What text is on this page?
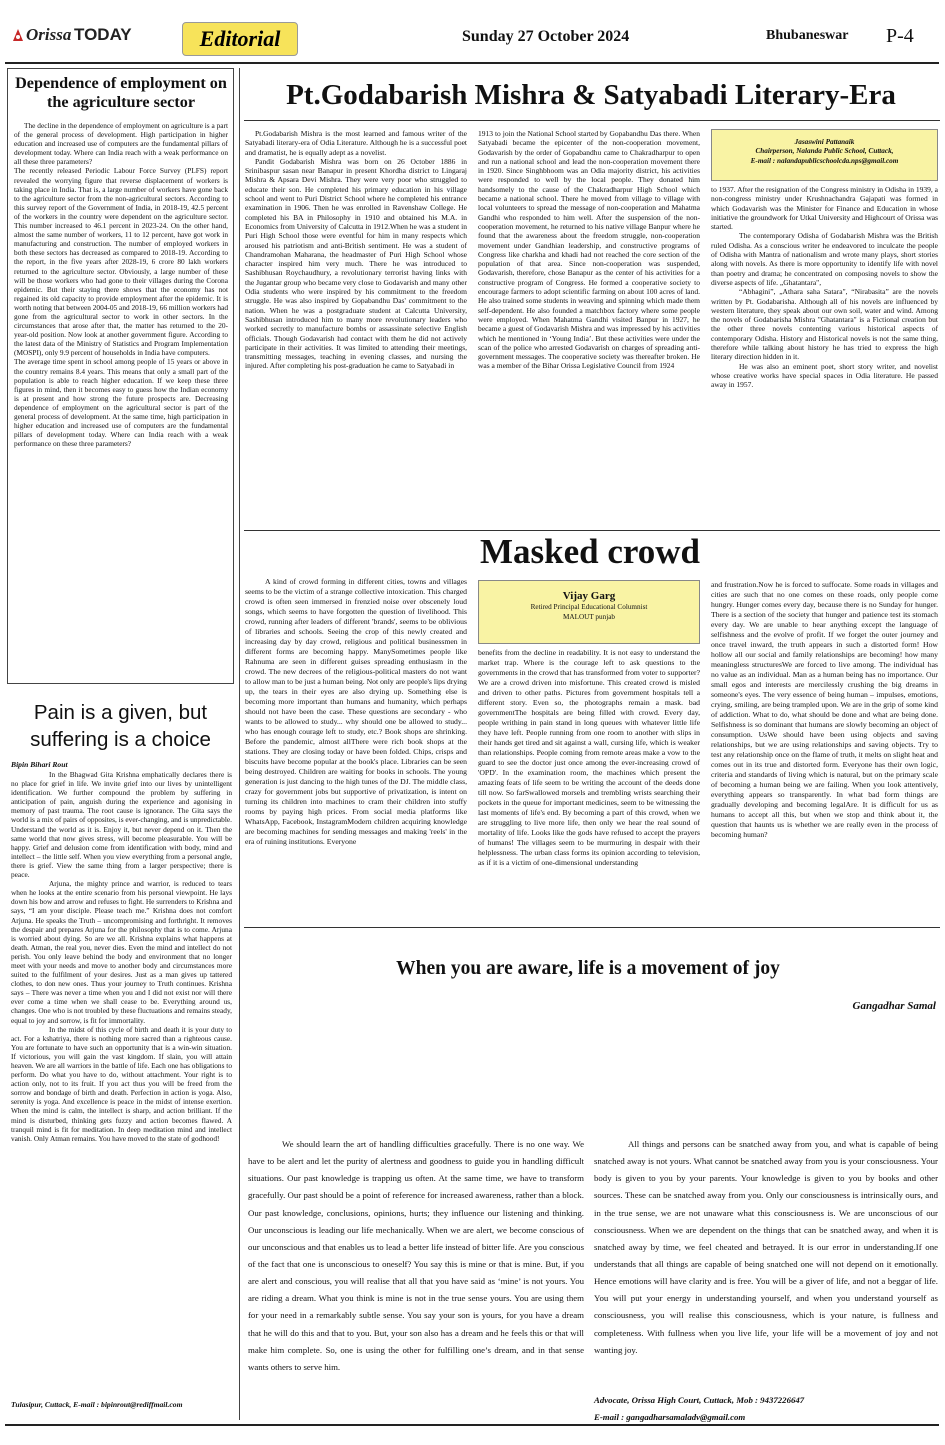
Orissa TODAY	Editorial	Sunday 27 October 2024	Bhubaneswar P-4
Dependence of employment on the agriculture sector

The decline in the dependence of employment on agriculture is a part of the general process of development. High participation in higher education and increased use of computers are the fundamental pillars of development today. Where can India reach with a weak performance on all these three parameters?

The recently released Periodic Labour Force Survey (PLFS) report revealed the worrying figure that reverse displacement of workers is taking place in India. That is, a large number of workers have gone back to the agriculture sector from the non-agricultural sectors. According to this survey report of the Government of India, in 2018-19, 42.5 percent of the workers in the country were dependent on the agriculture sector. This number increased to 46.1 percent in 2023-24. On the other hand, almost the same number of workers, 11 to 12 percent, have got work in manufacturing and construction. The number of employed workers in both these sectors has decreased as compared to 2018-19. According to the report, in the five years after 2028-19, 6 crore 80 lakh workers returned to the agriculture sector. Obviously, a large number of these will be those workers who had gone to their villages during the Corona epidemic. But their staying there shows that the economy has not regained its old capacity to provide employment after the epidemic. It is worth noting that between 2004-05 and 2018-19, 66 million workers had gone from the agricultural sector to work in other sectors. In the circumstances that arose after that, the matter has returned to the 20-year-old position. Now look at another government figure. According to the latest data of the Ministry of Statistics and Program Implementation (MOSPI), only 9.9 percent of households in India have computers.

The average time spent in school among people of 15 years or above in the country remains 8.4 years. This means that only a small part of the population is able to reach higher education. If we keep these three figures in mind, then it becomes easy to guess how the Indian economy is at present and how strong the future prospects are. Decreasing dependence of employment on the agricultural sector is part of the general process of development. At the same time, high participation in higher education and increased use of computers are the fundamental pillars of development today. Where can India reach with a weak performance on these three parameters?

Pain is a given, but suffering is a choice
Bipin Bihari Rout

In the Bhagwad Gita Krishna emphatically declares there is no place for grief in life. We invite grief into our lives by unintelligent identification. We further compound the problem by suffering in anticipation of pain, anguish during the experience and agonising in memory of past trauma. The root cause is ignorance. The Gita says the world is a mix of pairs of opposites, is ever-changing, and is unpredictable. Understand the world as it is. Enjoy it, but never depend on it. Then the same world that now gives stress, will become pleasurable. You will be happy. Grief and delusion come from identification with body, mind and intellect – the little self. When you view everything from a personal angle, there is grief. View the same thing from a larger perspective; there is peace.

Arjuna, the mighty prince and warrior, is reduced to tears when he looks at the entire scenario from his personal viewpoint. He lays down his bow and arrow and refuses to fight. He surrenders to Krishna and says, “I am your disciple. Please teach me.” Krishna does not comfort Arjuna. He speaks the Truth – uncompromising and forthright. It removes the despair and prepares Arjuna for the philosophy that is to come. Arjuna is worried about dying. So are we all. Krishna explains what happens at death. Atman, the real you, never dies. Even the mind and intellect do not perish. You only leave behind the body and environment that no longer meet with your needs and move to another body and circumstances more suited to the fulfilment of your desires. Just as a man gives up tattered clothes, to don new ones. Thus your journey to Truth continues. Krishna says – There was never a time when you and I did not exist nor will there ever come a time when we shall cease to be. Everything around us, changes. One who is not troubled by these fluctuations and remains steady, equal to joy and sorrow, is fit for immortality.

In the midst of this cycle of birth and death it is your duty to act. For a kshatriya, there is nothing more sacred than a righteous cause. You are fortunate to have such an opportunity that is a win-win situation. If victorious, you will gain the vast kingdom. If slain, you will attain heaven. We are all warriors in the battle of life. Each one has obligations to perform. Do what you have to do, without attachment. Your right is to action only, not to its fruit. If you act thus you will be freed from the sorrow and bondage of birth and death. Perfection in action is yoga. Also, serenity is yoga. And excellence is peace in the midst of intense exertion. When the mind is calm, the intellect is sharp, and action brilliant. If the mind is disturbed, thinking gets fuzzy and action becomes flawed. A tranquil mind is fit for meditation. In deep meditation mind and intellect vanish. Only Atman remains. You have moved to the state of godhood!

Tulasipur, Cuttack, E-mail : bipinrout@rediffmail.com
Pt.Godabarish Mishra & Satyabadi Literary-Era

Pt.Godabarish Mishra is the most learned and famous writer of the Satyabadi literary-era of Odia Literature. Although he is a successful poet and dramatist, he is equally adept as a novelist.

Pandit Godabarish Mishra was born on 26 October 1886 in Srinibaspur sasan near Banapur in present Khordha district to Lingaraj Mishra & Apsara Devi Mishra. They were very poor who struggled to educate their son. He completed his primary education in his village school and went to Puri District School where he completed his entrance examination in 1906. Then he was enrolled in Ravenshaw College. He completed his BA in Philosophy in 1910 and obtained his M.A. in Economics from University of Calcutta in 1912.When he was a student in Puri High School those were eventful for him in many respects which aroused his patriotism and anti-British sentiment. He was a student of Chandramohan Maharana, the headmaster of Puri High School whose character inspired him very much. There he was introduced to Sashibhusan Roychaudhury, a revolutionary terrorist having links with the Jugantar group who became very close to Godavarish and many other Odia students who were inspired by his commitment to the freedom struggle. He was also inspired by Gopabandhu Das' commitment to the nation. When he was a postgraduate student at Calcutta University, Sashibhusan introduced him to many more revolutionary leaders who worked secretly to manufacture bombs or assassinate selective English officials. Though Godavarish had contact with them he did not actively participate in their activities. It was limited to attending their meetings, transmitting messages, teaching in evening classes, and nursing the injured. After completing his post-graduation he came to Satyabadi in

1913 to join the National School started by Gopabandhu Das there. When Satyabadi became the epicenter of the non-cooperation movement, Godavarish by the order of Gopabandhu came to Chakradharpur to open and run a national school and lead the non-cooperation movement there in 1920. Since Singhbhoom was an Odia majority district, his activities were responded to well by the local people. They donated him handsomely to the cause of the Chakradharpur High School which became a national school. There he moved from village to village with local volunteers to spread the message of non-cooperation and Mahatma Gandhi who responded to him well. After the suspension of the non-cooperation movement, he returned to his native village Banpur where he found that the awareness about the freedom struggle, non-cooperation movement under Gandhian leadership, and constructive programs of Congress like charkha and khadi had not reached the core section of the population of that area. Since non-cooperation was suspended, Godavarish, therefore, chose Banapur as the center of his activities for a constructive program of Congress. He formed a cooperative society to encourage farmers to adopt scientific farming on about 100 acres of land. He also trained some students in weaving and spinning which made them self-dependent. He also founded a matchbox factory where some people were employed. When Mahatma Gandhi visited Banpur in 1927, he became a guest of Godavarish Mishra and was impressed by his activities which he mentioned in ‘Young India’. But these activities were under the scan of the police who arrested Godavarish on charges of spreading anti-government messages. The cooperative society was thereafter broken. He was a member of the Bihar Orissa Legislative Council from 1924

Jasaswini Pattanaik
Chairperson, Nalanda Public School, Cuttack,
E-mail : nalandapublicschoolcda.nps@gmail.com

to 1937. After the resignation of the Congress ministry in Odisha in 1939, a non-congress ministry under Krushnachandra Gajapati was formed in which Godavarish was the Minister for Finance and Education in whose initiative the groundwork for Utkal University and Highcourt of Orissa was started.

The contemporary Odisha of Godabarish Mishra was the British ruled Odisha. As a conscious writer he endeavored to inculcate the people of Odisha with Mantra of nationalism and wrote many plays, short stories along with novels. As there is more opportunity to identify life with novel than poetry and drama; he concentrated on composing novels to show the diverse aspects of life. „Ghatantara",

“Abhagini”, „Athara saha Satara", “Nirabasita” are the novels written by Pt. Godabarisha. Although all of his novels are influenced by western literature, they speak about our own soil, water and wind. Among the novels of Godabarisha Mishra "Ghatantara" is a Fictional creation but the other three novels contenting various historical aspects of contemporary Odisha. History and Historical novels is not the same thing, therefore while talking about history he has tried to express the high literary direction hidden in it.

He was also an eminent poet, short story writer, and novelist whose creative works have special spaces in Odia literature. He passed away in 1957.

Masked crowd

A kind of crowd forming in different cities, towns and villages seems to be the victim of a strange collective intoxication. This charged crowd is often seen immersed in frenzied noise over obscenely loud songs, which seems to have forgotten the question of livelihood. This crowd, running after leaders of different 'brands', seems to be oblivious of libraries and schools. Seeing the crop of this newly created and increasing day by day crowd, religious and political businessmen in different forms are becoming happy. ManySometimes people like Rahnuma are seen in different guises spreading enthusiasm in the crowd. The new decrees of the religious-political masters do not want to allow man to be just a human being. Not only are people's lips drying up, the tears in their eyes are also drying up. Something else is becoming more important than humans and humanity, which perhaps should not have been the case. These questions are secondary - who wants to be allowed to study... why should one be allowed to study... who has enough courage left to study, etc.? Book shops are shrinking. Before the pandemic, almost allThere were rich book shops at the stations. They are closing today or have been folded. Chips, crisps and biscuits have become popular at the book's place. Libraries can be seen being destroyed. Children are waiting for books in schools. The young generation is just dancing to the high tunes of the DJ. The middle class, crazy for government jobs but supportive of privatization, is intent on turning its children into machines to cram their children into stuffy rooms by paying high prices. From social media platforms like WhatsApp, Facebook, InstagramModern children acquiring knowledge are becoming machines for sending messages and making 'reels' in the era of ruining institutions. Everyone

Vijay Garg
Retired Principal Educational Columnist
MALOUT punjab

benefits from the decline in readability. It is not easy to understand the market trap. Where is the courage left to ask questions to the governments in the crowd that has transformed from voter to supporter? We are a crowd driven into misfortune. This created crowd is misled and driven to other paths. Pictures from government hospitals tell a different story. Even so, the photographs remain a mask. bad governmentThe hospitals are being filled with crowd. Every day, people writhing in pain stand in long queues with whatever little life they have left. People running from one room to another with slips in their hands get tired and sit against a wall, cursing life, which is weaker than relationships. People coming from remote areas make a vow to the guard to see the doctor just once among the ever-increasing crowd of 'OPD'. In the examination room, the machines which present the amazing feats of life seem to be writing the account of the deeds done till now. So farSwallowed morsels and trembling wrists searching their pockets in the queue for important medicines, seem to be witnessing the last moments of life's end. By becoming a part of this crowd, when we are struggling to live more life, then only we hear the real sound of mortality of life. Looks like the gods have refused to accept the prayers of humans! The villages seem to be murmuring in despair with their helplessness. The urban class forms its opinion according to television, as if it is a victim of one-dimensional understanding

and frustration.Now he is forced to suffocate. Some roads in villages and cities are such that no one comes on these roads, only people come hungry. Hunger comes every day, because there is no Sunday for hunger. There is a section of the society that hunger and patience test its stomach every day. We are unable to hear anything except the language of selfishness and the evolve of profit. If we forget the outer journey and once travel inward, the truth appears in such a distorted form! How hollow all our social and family relationships are becoming! how many meaningless structuresWe are forced to live among. The individual has no value as an individual. Man as a human being has no importance. Our small egos and interests are mercilessly crushing the big dreams in someone's eyes. The very essence of being human – impulses, emotions, crying, smiling, are being trampled upon. We are in the grip of some kind of addiction. What to do, what should be done and what are being done. Selfishness is so dominant that humans are slowly becoming an object of consumption. UsWe should have been using objects and saving relationships, but we are using relationships and saving objects. Try to test any relationship once on the flame of truth, it melts on slight heat and comes out in its true and distorted form. Everyone has their own logic, criteria and standards of living which is natural, but on the primary scale of becoming a human being we are failing. When you look attentively, everything appears so transparently. In what bad form things are gradually developing and becoming legalAre. It is difficult for us as humans to accept all this, but when we stop and think about it, the question that haunts us is whether we are really even in the process of becoming human?

When you are aware, life is a movement of joy
Gangadhar Samal

We should learn the art of handling difficulties gracefully. There is no one way. We have to be alert and let the purity of alertness and goodness to guide you in handling difficult situations. Our past knowledge is trapping us often. At the same time, we have to transform gracefully. Our past should be a point of reference for increased awareness, rather than a block. Our past knowledge, conclusions, opinions, hurts; they influence our listening and thinking. Our unconscious is leading our life mechanically. When we are alert, we become conscious of our unconscious and that enables us to lead a better life instead of bitter life. Are you conscious of the fact that one is unconscious to oneself? You say this is mine or that is mine. But, if you are alert and conscious, you will realise that all that you have said as ‘mine’ is not yours. You are riding a dream. What you think is mine is not in the true sense yours. You are using them for your need in a remarkably subtle sense. You say your son is yours, for you have a dream that he will do this and that to you. But, your son also has a dream and he feels this or that will make him complete. So, one is using the other for fulfilling one’s dream, and in that sense wants others to serve him.

All things and persons can be snatched away from you, and what is capable of being snatched away is not yours. What cannot be snatched away from you is your consciousness. Your body is given to you by your parents. Your knowledge is given to you by books and other sources. These can be snatched away from you. Only our consciousness is intrinsically ours, and in the true sense, we are not unaware what this consciousness is. We are unconscious of our consciousness. When we are dependent on the things that can be snatched away, and when it is snatched away by time, we feel cheated and betrayed. It is our error in understanding.If one understands that all things are capable of being snatched one will not depend on it emotionally. Hence emotions will have clarity and is free. You will be a giver of life, and not a beggar of life. You will put your energy in understanding yourself, and when you understand yourself as consciousness, you will realise this consciousness, which is your nature, is fullness and completeness. With fullness when you live life, your life will be a movement of joy and not wanting joy.

Advocate, Orissa High Court, Cuttack, Mob : 9437226647
E-mail : gangadharsamaladv@gmail.com
